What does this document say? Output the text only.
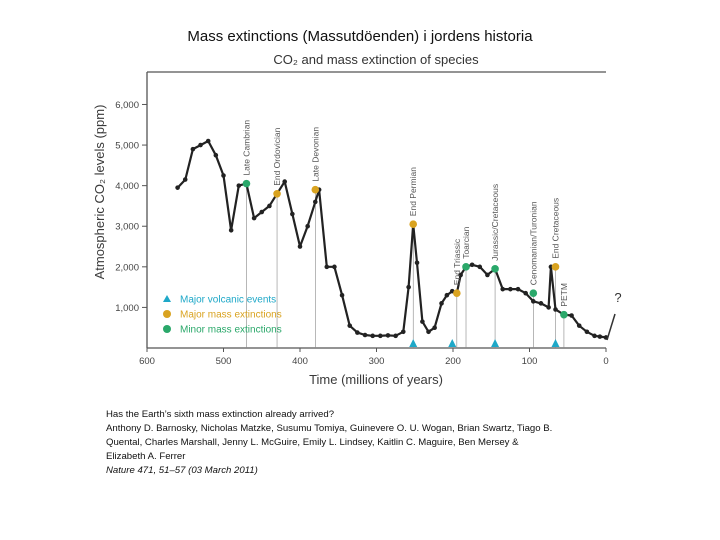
Mass extinctions (Massutdöenden) i jordens historia
CO₂ and mass extinction of species
1,000
2,000
3,000
4,000
5,000
6,000
600	500	400	300	200	100	0
Atmospheric CO₂ levels (ppm)
Time (millions of years)
Late Cambrian End Ordovician	Late Devonian
End Permian
End Triassic Toarcian Jurassic/Cretaceous	Cenomanian/Turonian End Cretaceous
PETM
Major volcanic events
Major mass extinctions
Minor mass extinctions
?
Has the Earth’s sixth mass extinction already arrived?
Anthony D. Barnosky, Nicholas Matzke, Susumu Tomiya, Guinevere O. U. Wogan, Brian Swartz, Tiago B.
Quental, Charles Marshall, Jenny L. McGuire, Emily L. Lindsey, Kaitlin C. Maguire, Ben Mersey &
Elizabeth A. Ferrer
Nature 471, 51–57 (03 March 2011)
